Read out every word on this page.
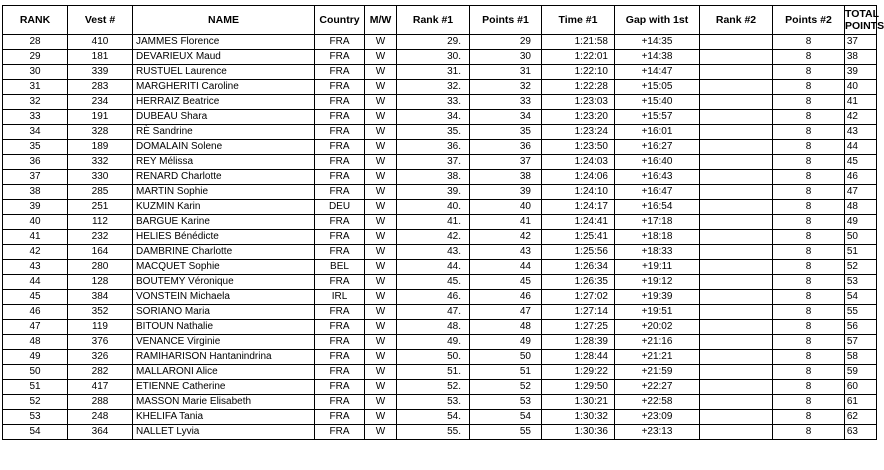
RANK	Vest #	NAME	Country	M/W	Rank #1	Points #1	Time #1	Gap with 1st	Rank #2	Points #2	TOTAL POINTS
28	410	JAMMES Florence	FRA	W	29.	29	1:21:58	+14:35		8	37
29	181	DEVARIEUX Maud	FRA	W	30.	30	1:22:01	+14:38		8	38
30	339	RUSTUEL Laurence	FRA	W	31.	31	1:22:10	+14:47		8	39
31	283	MARGHERITI Caroline	FRA	W	32.	32	1:22:28	+15:05		8	40
32	234	HERRAIZ Beatrice	FRA	W	33.	33	1:23:03	+15:40		8	41
33	191	DUBEAU Shara	FRA	W	34.	34	1:23:20	+15:57		8	42
34	328	RÈ Sandrine	FRA	W	35.	35	1:23:24	+16:01		8	43
35	189	DOMALAIN Solene	FRA	W	36.	36	1:23:50	+16:27		8	44
36	332	REY Mélissa	FRA	W	37.	37	1:24:03	+16:40		8	45
37	330	RENARD Charlotte	FRA	W	38.	38	1:24:06	+16:43		8	46
38	285	MARTIN Sophie	FRA	W	39.	39	1:24:10	+16:47		8	47
39	251	KUZMIN Karin	DEU	W	40.	40	1:24:17	+16:54		8	48
40	112	BARGUE Karine	FRA	W	41.	41	1:24:41	+17:18		8	49
41	232	HELIES Bénédicte	FRA	W	42.	42	1:25:41	+18:18		8	50
42	164	DAMBRINE Charlotte	FRA	W	43.	43	1:25:56	+18:33		8	51
43	280	MACQUET Sophie	BEL	W	44.	44	1:26:34	+19:11		8	52
44	128	BOUTEMY Véronique	FRA	W	45.	45	1:26:35	+19:12		8	53
45	384	VONSTEIN Michaela	IRL	W	46.	46	1:27:02	+19:39		8	54
46	352	SORIANO Maria	FRA	W	47.	47	1:27:14	+19:51		8	55
47	119	BITOUN Nathalie	FRA	W	48.	48	1:27:25	+20:02		8	56
48	376	VENANCE Virginie	FRA	W	49.	49	1:28:39	+21:16		8	57
49	326	RAMIHARISON Hantanindrina	FRA	W	50.	50	1:28:44	+21:21		8	58
50	282	MALLARONI Alice	FRA	W	51.	51	1:29:22	+21:59		8	59
51	417	ETIENNE Catherine	FRA	W	52.	52	1:29:50	+22:27		8	60
52	288	MASSON Marie Elisabeth	FRA	W	53.	53	1:30:21	+22:58		8	61
53	248	KHELIFA Tania	FRA	W	54.	54	1:30:32	+23:09		8	62
54	364	NALLET Lyvia	FRA	W	55.	55	1:30:36	+23:13		8	63
